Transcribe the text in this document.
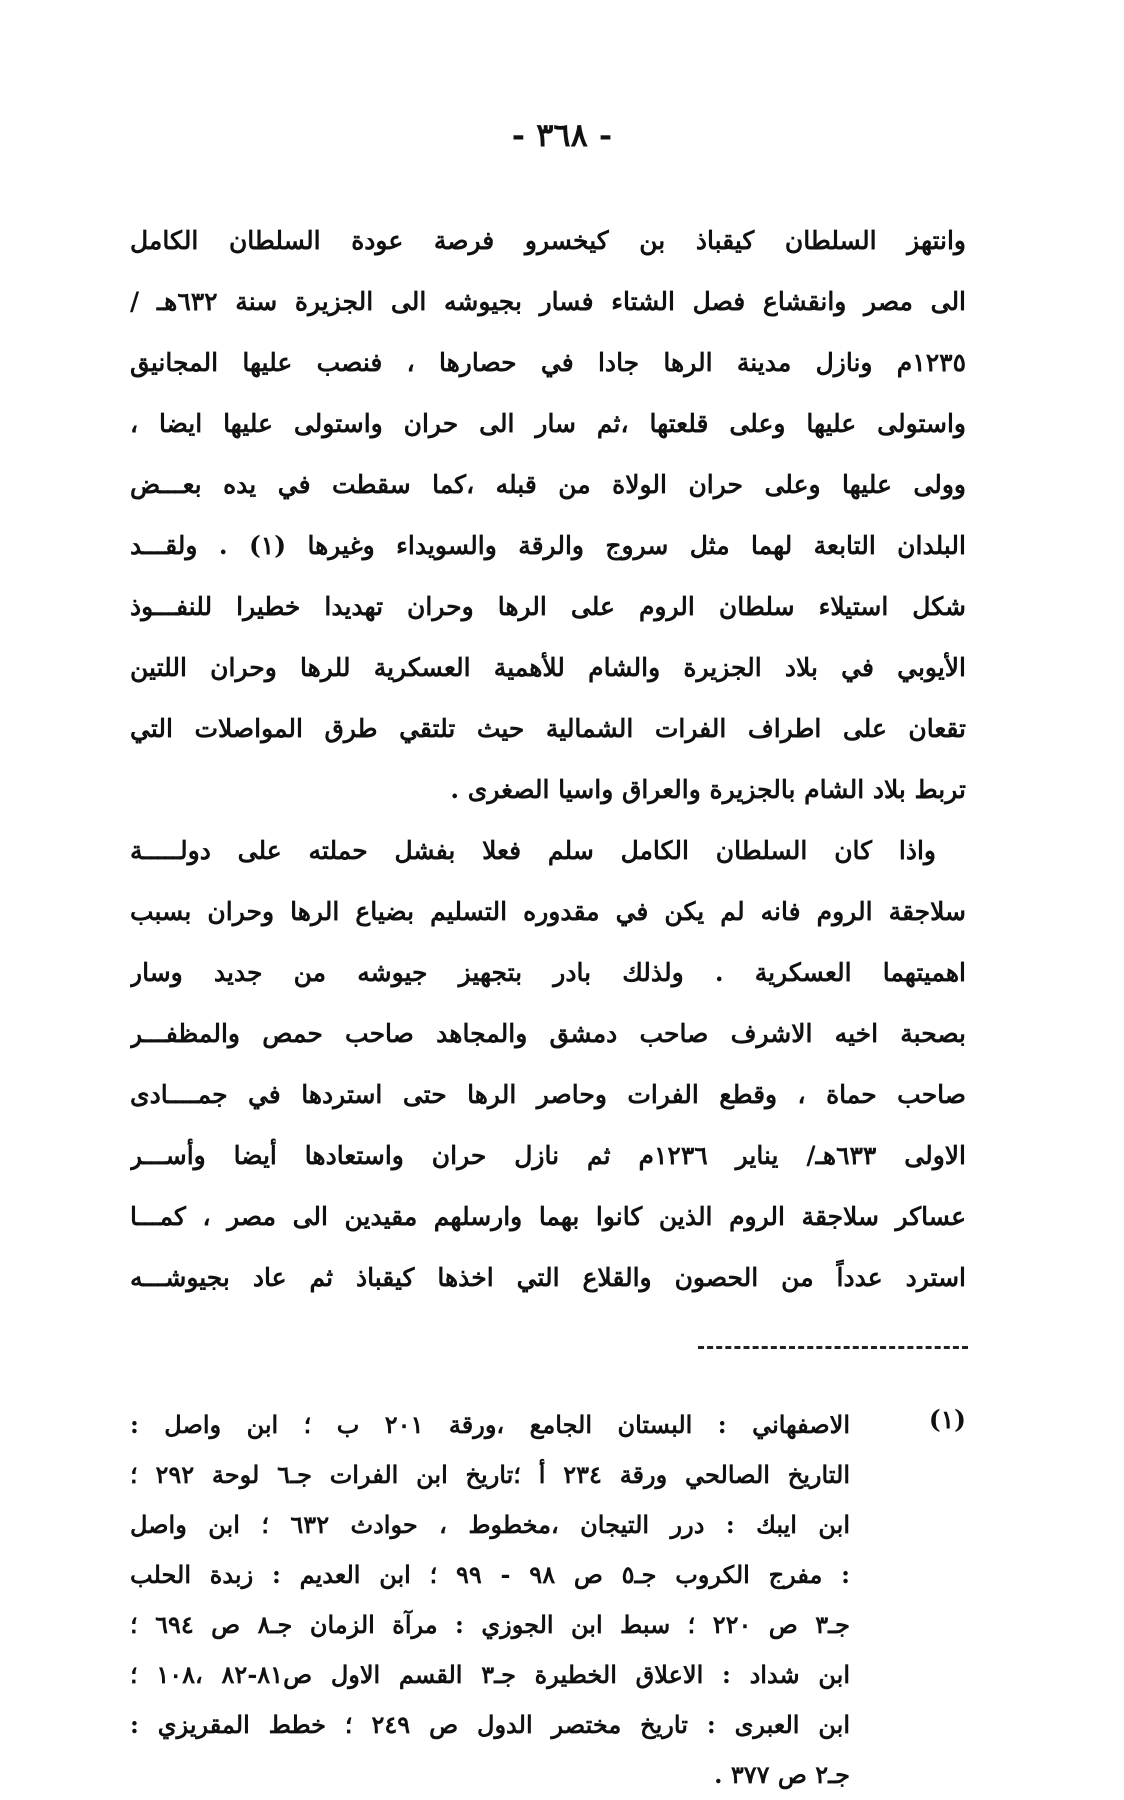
- ٣٦٨ -
وانتهز السلطان كيقباذ بن كيخسرو فرصة عودة السلطان الكامل
الى مصر وانقشاع فصل الشتاء فسار بجيوشه الى الجزيرة سنة ٦٣٢هـ /
١٢٣٥م ونازل مدينة الرها جادا في حصارها ، فنصب عليها المجانيق
واستولى عليها وعلى قلعتها ،ثم سار الى حران واستولى عليها ايضا ،
وولى عليها وعلى حران الولاة من قبله ،كما سقطت في يده بعـــض
البلدان التابعة لهما مثل سروج والرقة والسويداء وغيرها (١) . ولقـــد
شكل استيلاء سلطان الروم على الرها وحران تهديدا خطيرا للنفـــوذ
الأيوبي في بلاد الجزيرة والشام للأهمية العسكرية للرها وحران اللتين
تقعان على اطراف الفرات الشمالية حيث تلتقي طرق المواصلات التي
تربط بلاد الشام بالجزيرة والعراق واسيا الصغرى .
واذا كان السلطان الكامل سلم فعلا بفشل حملته على دولـــــة
سلاجقة الروم فانه لم يكن في مقدوره التسليم بضياع الرها وحران بسبب
اهميتهما العسكرية . ولذلك بادر بتجهيز جيوشه من جديد وسار
بصحبة اخيه الاشرف صاحب دمشق والمجاهد صاحب حمص والمظفـــر
صاحب حماة ، وقطع الفرات وحاصر الرها حتى استردها في جمــــادى
الاولى ٦٣٣هـ/ يناير ١٢٣٦م ثم نازل حران واستعادها أيضا وأســـر
عساكر سلاجقة الروم الذين كانوا بهما وارسلهم مقيدين الى مصر ، كمـــا
استرد عدداً من الحصون والقلاع التي اخذها كيقباذ ثم عاد بجيوشـــه
(١)
الاصفهاني : البستان الجامع ،ورقة ٢٠١ ب ؛ ابن واصل :
التاريخ الصالحي ورقة ٢٣٤ أ ؛تاريخ ابن الفرات جـ٦ لوحة ٢٩٢ ؛
ابن ايبك : درر التيجان ،مخطوط ، حوادث ٦٣٢ ؛ ابن واصل
: مفرج الكروب جـ٥ ص ٩٨ - ٩٩ ؛ ابن العديم : زبدة الحلب
جـ٣ ص ٢٢٠ ؛ سبط ابن الجوزي : مرآة الزمان جـ٨ ص ٦٩٤ ؛
ابن شداد : الاعلاق الخطيرة جـ٣ القسم الاول ص٨١-٨٢ ،١٠٨ ؛
ابن العبرى : تاريخ مختصر الدول ص ٢٤٩ ؛ خطط المقريزي :
جـ٢ ص ٣٧٧ .
